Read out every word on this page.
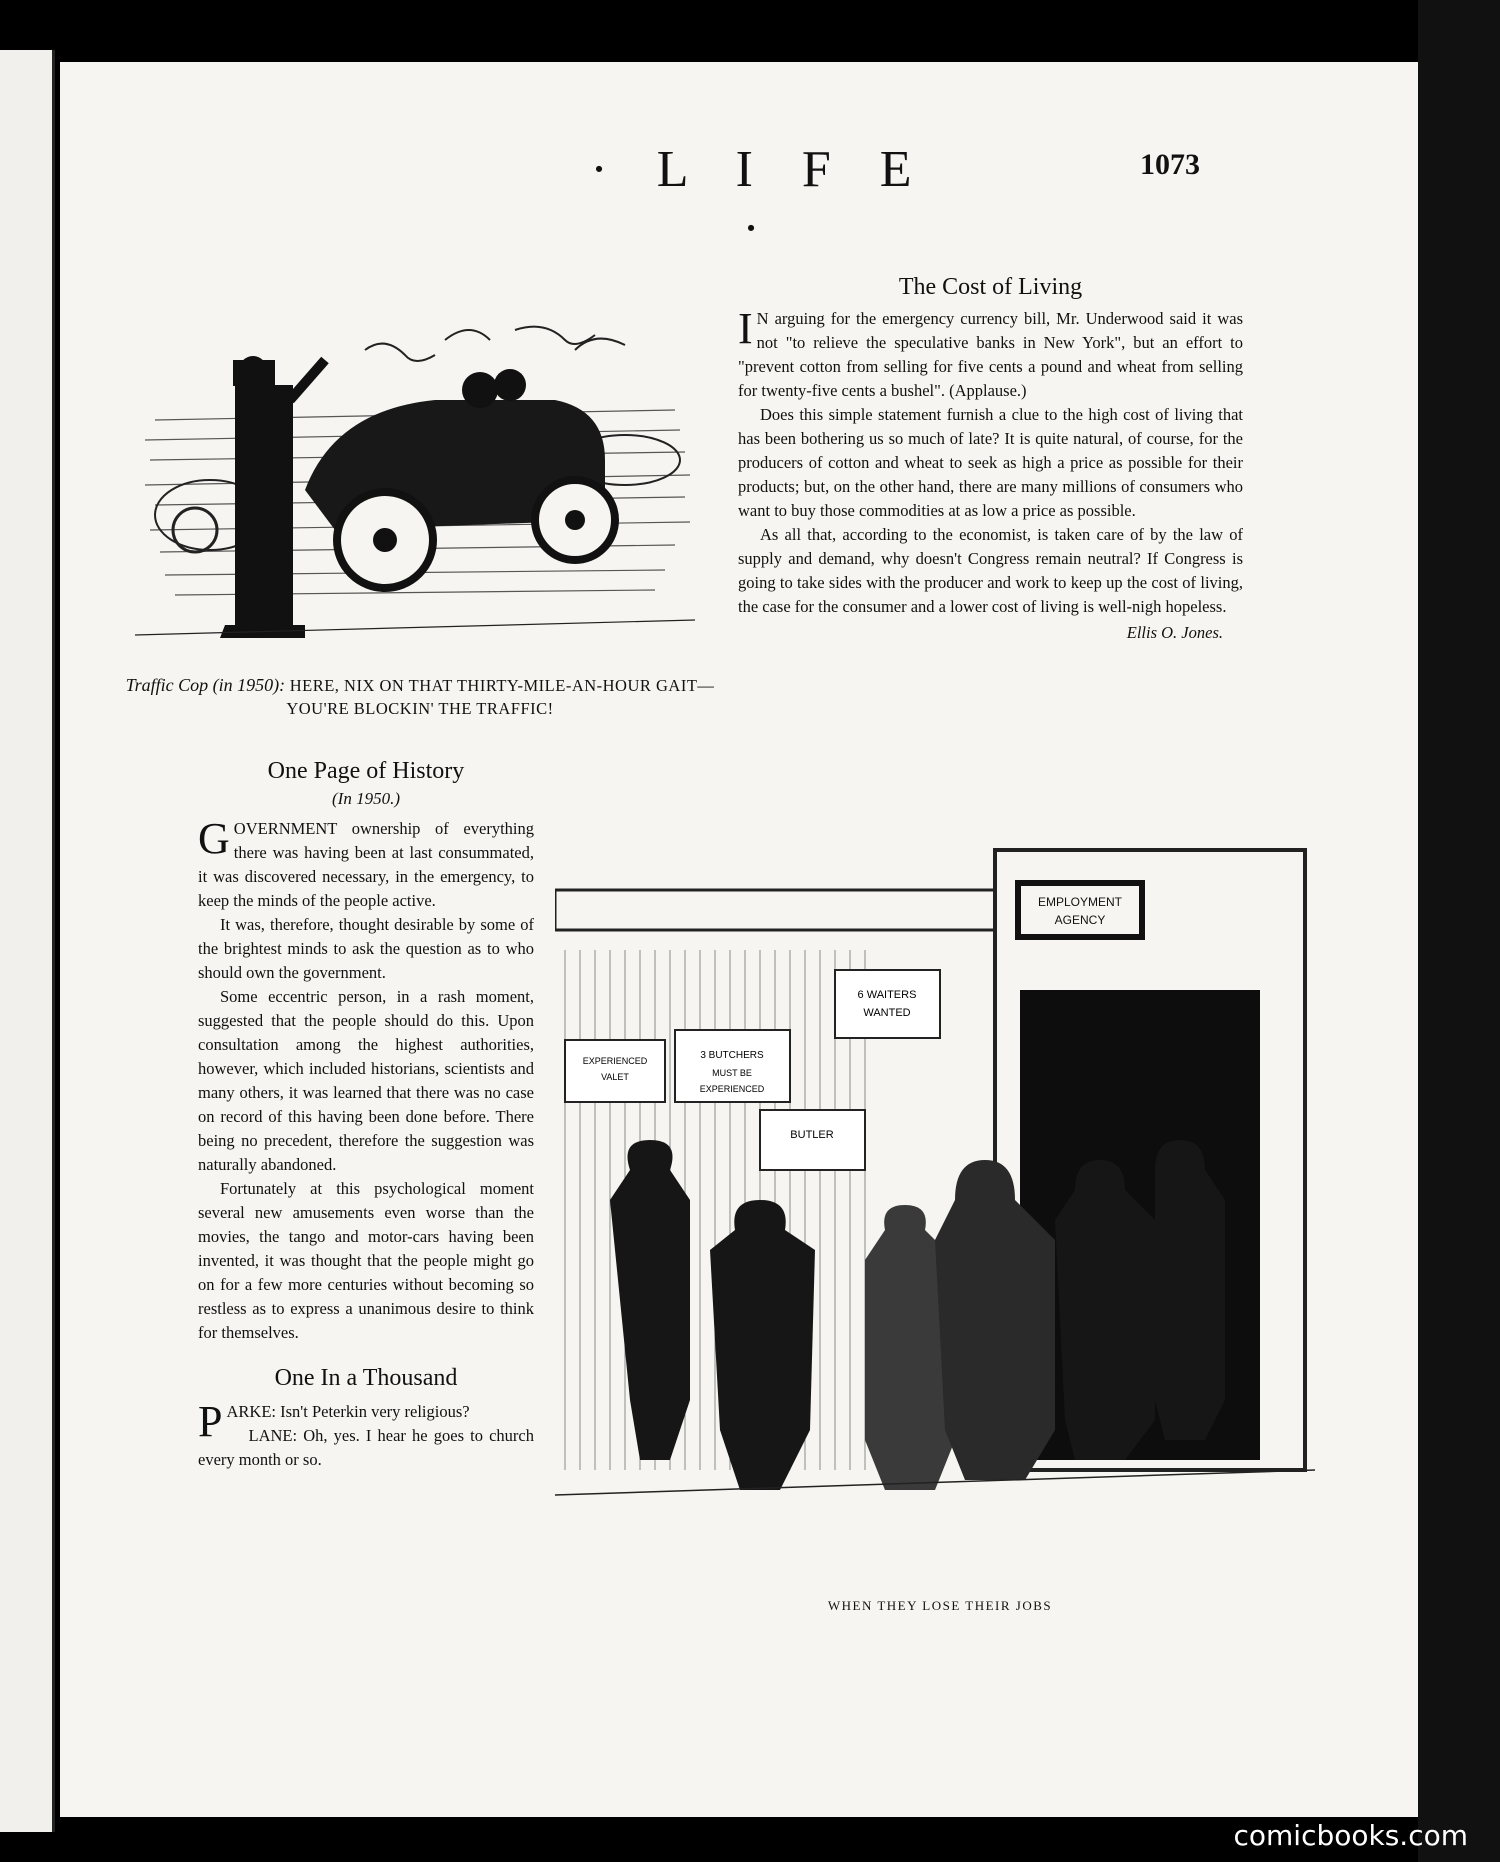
· L I F E ·
1073
Traffic Cop (in 1950): HERE, NIX ON THAT THIRTY-MILE-AN-HOUR GAIT—YOU'RE BLOCKIN' THE TRAFFIC!
The Cost of Living

I N arguing for the emergency currency bill, Mr. Underwood said it was not "to relieve the speculative banks in New York", but an effort to "prevent cotton from selling for five cents a pound and wheat from selling for twenty-five cents a bushel". (Applause.)

Does this simple statement furnish a clue to the high cost of living that has been bothering us so much of late? It is quite natural, of course, for the producers of cotton and wheat to seek as high a price as possible for their products; but, on the other hand, there are many millions of consumers who want to buy those commodities at as low a price as possible.

As all that, according to the economist, is taken care of by the law of supply and demand, why doesn't Congress remain neutral? If Congress is going to take sides with the producer and work to keep up the cost of living, the case for the consumer and a lower cost of living is well-nigh hopeless.

Ellis O. Jones.

One Page of History
(In 1950.)

GOVERNMENT ownership of everything there was having been at last consummated, it was discovered necessary, in the emergency, to keep the minds of the people active.

It was, therefore, thought desirable by some of the brightest minds to ask the question as to who should own the government.

Some eccentric person, in a rash moment, suggested that the people should do this. Upon consultation among the highest authorities, however, which included historians, scientists and many others, it was learned that there was no case on record of this having been done before. There being no precedent, therefore the suggestion was naturally abandoned.

Fortunately at this psychological moment several new amusements even worse than the movies, the tango and motor-cars having been invented, it was thought that the people might go on for a few more centuries without becoming so restless as to express a unanimous desire to think for themselves.

One In a Thousand

PARKE: Isn't Peterkin very religious?

LANE: Oh, yes. I hear he goes to church every month or so.

EMPLOYMENT
AGENCY
6 WAITERS
WANTED
3 BUTCHERS
MUST BE
EXPERIENCED
EXPERIENCED
VALET
BUTLER
WHEN THEY LOSE THEIR JOBS
comicbooks.com
